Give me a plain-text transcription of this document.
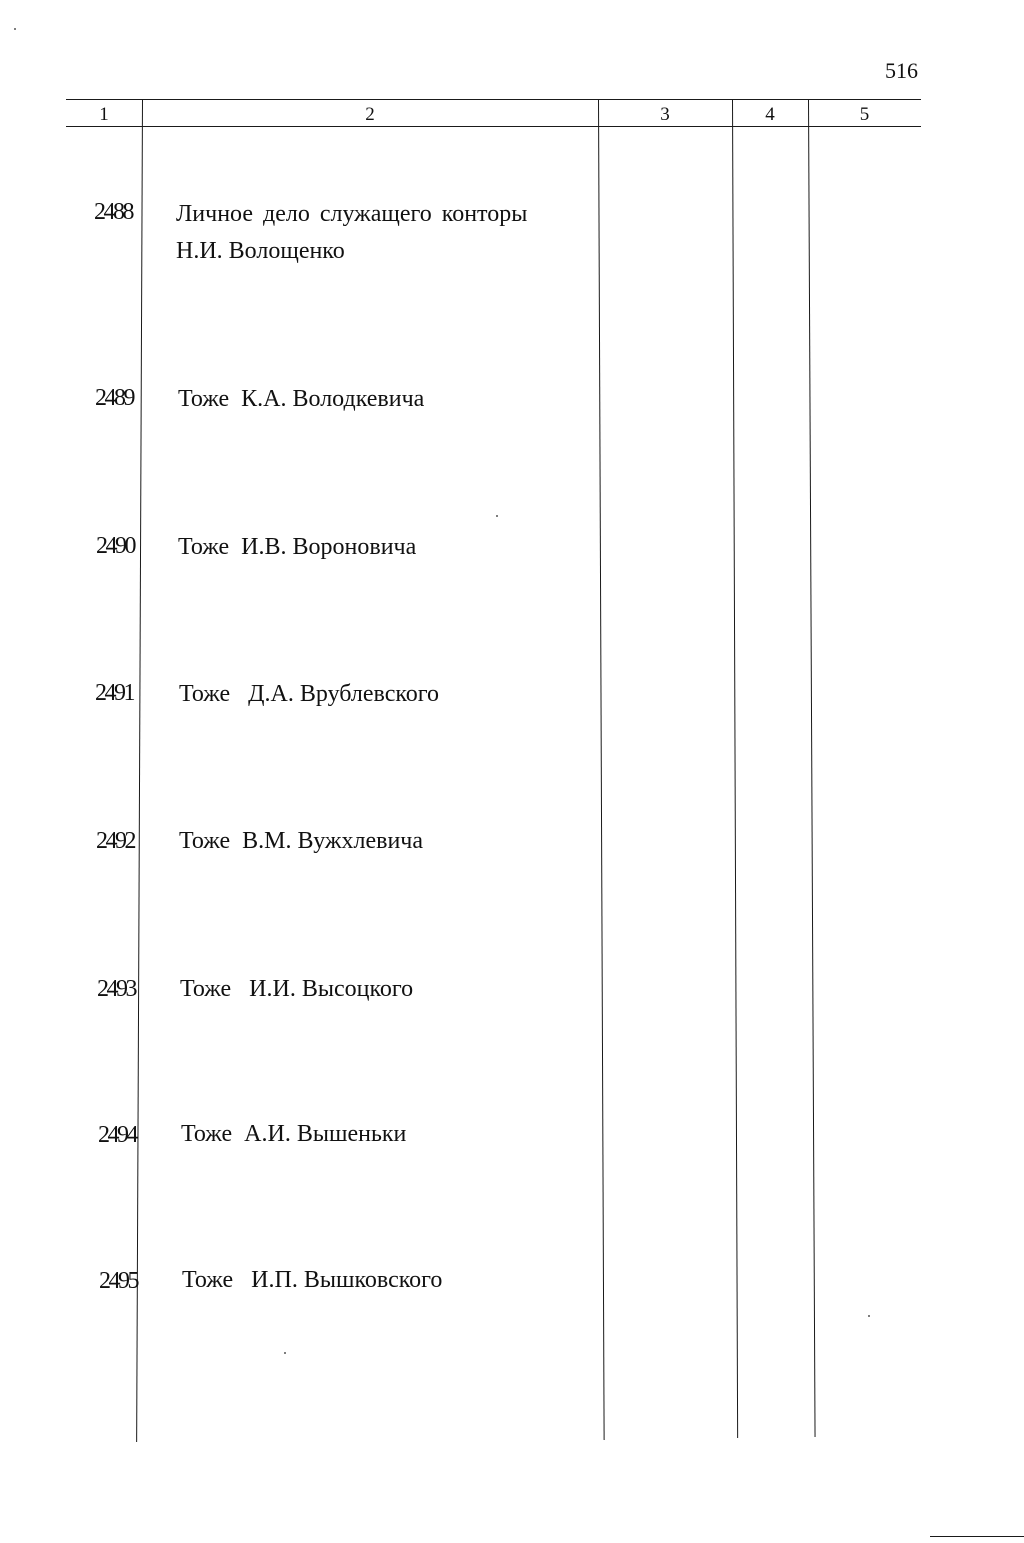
516
1	2	3	4	5
2488 Личное дело служащего конторы
Н.И. Волощенко
2489 Тоже  К.А. Володкевича
2490 Тоже  И.В. Вороновича
2491 Тоже   Д.А. Врублевского
2492 Тоже  В.М. Вужхлевича
2493 Тоже   И.И. Высоцкого
2494 Тоже  А.И. Вышеньки
2495 Тоже   И.П. Вышковского
